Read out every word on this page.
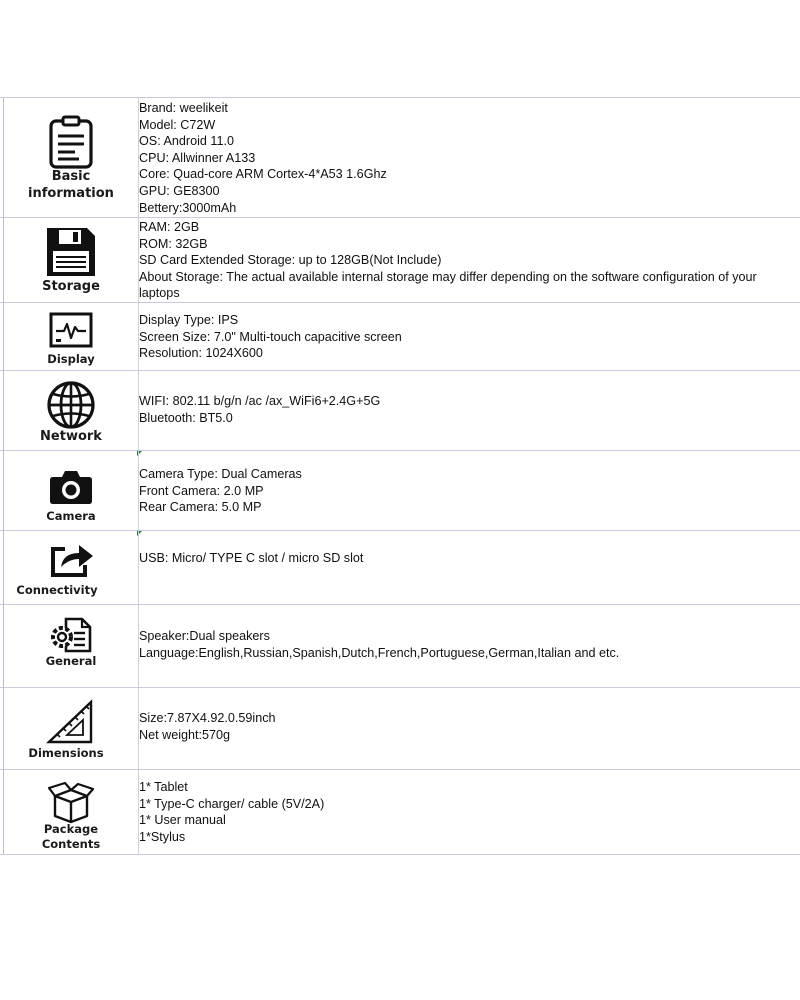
Basic
information
Brand: weelikeit
Model: C72W
OS: Android 11.0
CPU: Allwinner A133
Core: Quad-core ARM Cortex-4*A53 1.6Ghz
GPU: GE8300
Bettery:3000mAh
Storage
RAM: 2GB
ROM: 32GB
SD Card Extended Storage: up to 128GB(Not Include)
About Storage: The actual available internal storage may differ depending on the software configuration of your laptops
Display
Display Type: IPS
Screen Size: 7.0" Multi-touch capacitive screen
Resolution: 1024X600
Network
WIFI: 802.11 b/g/n /ac /ax_WiFi6+2.4G+5G
Bluetooth: BT5.0
Camera
Camera Type: Dual Cameras
Front Camera: 2.0 MP
Rear Camera: 5.0 MP
Connectivity
USB: Micro/ TYPE C slot / micro SD slot
General
Speaker:Dual speakers
Language:English,Russian,Spanish,Dutch,French,Portuguese,German,Italian and etc.
Dimensions
Size:7.87X4.92.0.59inch
Net weight:570g
Package
Contents
1* Tablet
1* Type-C charger/ cable (5V/2A)
1* User manual
1*Stylus
